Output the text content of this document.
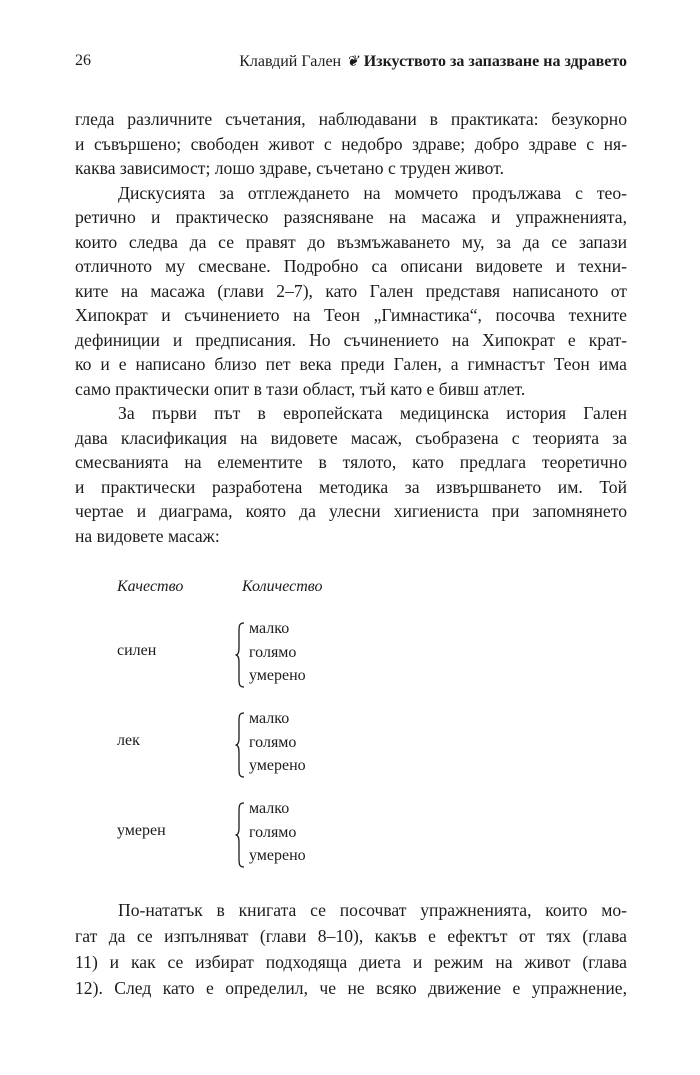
26	Клавдий Гален ❦ Изкуството за запазване на здравето
гледа различните съчетания, наблюдавани в практиката: безукорно
и съвършено; свободен живот с недобро здраве; добро здраве с ня-
каква зависимост; лошо здраве, съчетано с труден живот.
Дискусията за отглеждането на момчето продължава с тео-
ретично и практическо разясняване на масажа и упражненията,
които следва да се правят до възмъжаването му, за да се запази
отличното му смесване. Подробно са описани видовете и техни-
ките на масажа (глави 2–7), като Гален представя написаното от
Хипократ и съчинението на Теон „Гимнастика“, посочва техните
дефиниции и предписания. Но съчинението на Хипократ е крат-
ко и е написано близо пет века преди Гален, а гимнастът Теон има
само практически опит в тази област, тъй като е бивш атлет.
За първи път в европейската медицинска история Гален
дава класификация на видовете масаж, съобразена с теорията за
смесванията на елементите в тялото, като предлага теоретично
и практически разработена методика за извършването им. Той
чертае и диаграма, която да улесни хигиениста при запомнянето
на видовете масаж:
Качество	Количество
силен
малко
голямо
умерено
лек
малко
голямо
умерено
умерен
малко
голямо
умерено
По-нататък в книгата се посочват упражненията, които мо-
гат да се изпълняват (глави 8–10), какъв е ефектът от тях (глава
11) и как се избират подходяща диета и режим на живот (глава
12). След като е определил, че не всяко движение е упражнение,
